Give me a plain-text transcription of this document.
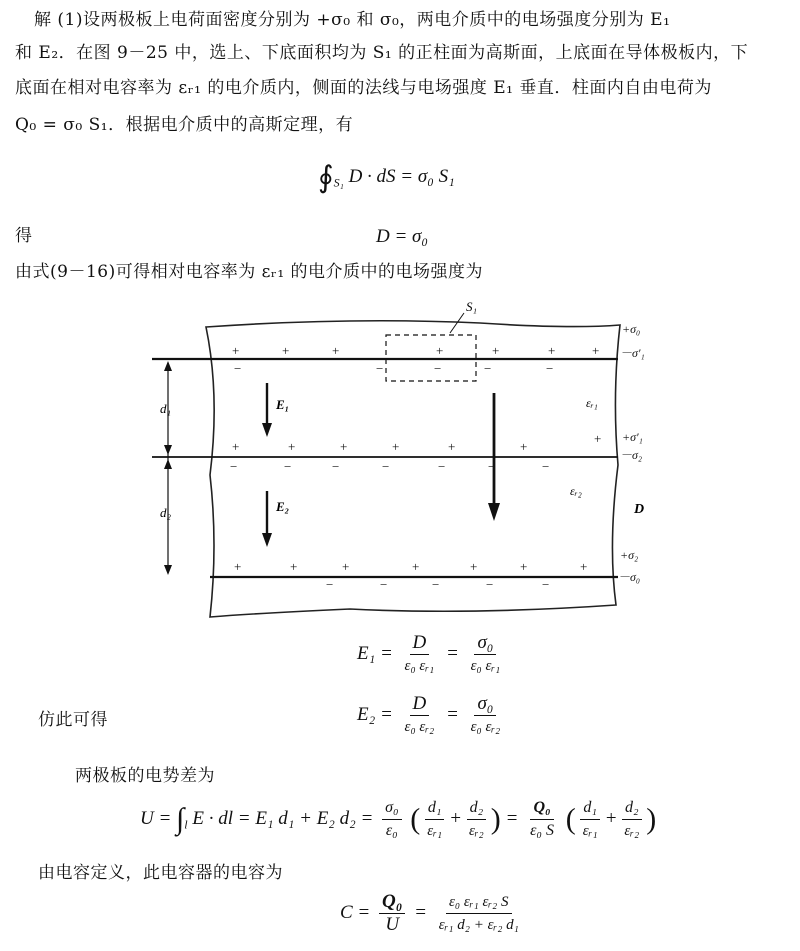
解 (1)设两极板上电荷面密度分别为 +σ₀ 和 σ₀，两电介质中的电场强度分别为 E₁
和 E₂．在图 9－25 中，选上、下底面积均为 S₁ 的正柱面为高斯面，上底面在导体极板内，下
底面在相对电容率为 εᵣ₁ 的电介质内，侧面的法线与电场强度 E₁ 垂直．柱面内自由电荷为
Q₀ = σ₀ S₁．根据电介质中的高斯定理，有
$∮_{S_1}$ D · dS = σ₀ S₁
得	D = σ₀
由式(9－16)可得相对电容率为 εᵣ₁ 的电介质中的电场强度为
d₁
d₂
S₁
+	+	+	+	+	+	+
−	−	−	−	−
+	+	+	+	+	+
+
−	−	−	−	−	−	−
+	+	+	+	+	+	+
−	−	−	−	−
E₁
E₂
εᵣ₁
εᵣ₂
D
+σ₀
－σ′₁
+σ′₁
－σ₂
+σ₂
－σ₀
$E_1 = \frac{D}{\text{ε₀ εᵣ₁}} = \frac{\text{σ₀}}{\text{ε₀ εᵣ₁}}$
仿此可得	$E_2 = \frac{D}{\text{ε₀ εᵣ₂}} = \frac{\text{σ₀}}{\text{ε₀ εᵣ₂}}$
两极板的电势差为
$U = \int_l$ E · dl = E₁ d₁ + E₂ $d_2 = \frac{\text{σ₀}}{\text{ε₀}}$ ( $\frac{\text{d₁}}{\text{εᵣ₁}} + \frac{\text{d₂}}{\text{εᵣ₂}}$ ) = $\frac{\text{Q₀}}{\text{ε₀ S}}$ ( $\frac{\text{d₁}}{\text{εᵣ₁}} + \frac{\text{d₂}}{\text{εᵣ₂}}$ )
由电容定义，此电容器的电容为
$C = \frac{\text{Q₀}}{U} = \frac{\text{ε₀ εᵣ₁ εᵣ₂ S}}{\text{εᵣ₁ d₂ + εᵣ₂ d₁}}$
